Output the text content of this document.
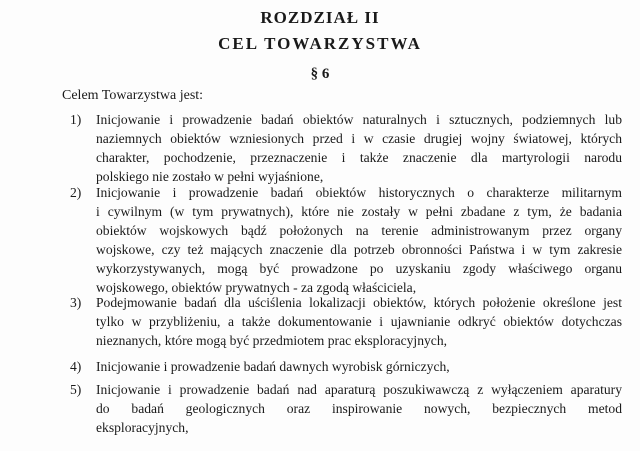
ROZDZIAŁ II
CEL TOWARZYSTWA
§ 6
Celem Towarzystwa jest:
1) Inicjowanie i prowadzenie badań obiektów naturalnych i sztucznych, podziemnych lub
naziemnych obiektów wzniesionych przed i w czasie drugiej wojny światowej, których
charakter, pochodzenie, przeznaczenie i także znaczenie dla martyrologii narodu
polskiego nie zostało w pełni wyjaśnione,
2) Inicjowanie i prowadzenie badań obiektów historycznych o charakterze militarnym
i cywilnym (w tym prywatnych), które nie zostały w pełni zbadane z tym, że badania
obiektów wojskowych bądź położonych na terenie administrowanym przez organy
wojskowe, czy też mających znaczenie dla potrzeb obronności Państwa i w tym zakresie
wykorzystywanych, mogą być prowadzone po uzyskaniu zgody właściwego organu
wojskowego, obiektów prywatnych - za zgodą właściciela,
3) Podejmowanie badań dla uściślenia lokalizacji obiektów, których położenie określone jest
tylko w przybliżeniu, a także dokumentowanie i ujawnianie odkryć obiektów dotychczas
nieznanych, które mogą być przedmiotem prac eksploracyjnych,
4) Inicjowanie i prowadzenie badań dawnych wyrobisk górniczych,
5) Inicjowanie i prowadzenie badań nad aparaturą poszukiwawczą z wyłączeniem aparatury
do badań geologicznych oraz inspirowanie nowych, bezpiecznych metod
eksploracyjnych,
